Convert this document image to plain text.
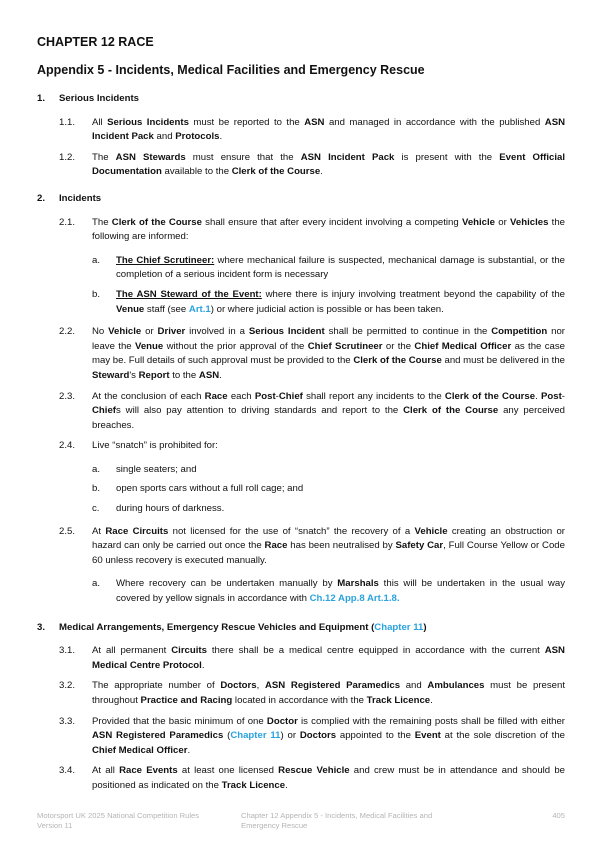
CHAPTER 12 RACE
Appendix 5 - Incidents, Medical Facilities and Emergency Rescue
1.	Serious Incidents
1.1.	All Serious Incidents must be reported to the ASN and managed in accordance with the published ASN Incident Pack and Protocols.
1.2.	The ASN Stewards must ensure that the ASN Incident Pack is present with the Event Official Documentation available to the Clerk of the Course.
2.	Incidents
2.1.	The Clerk of the Course shall ensure that after every incident involving a competing Vehicle or Vehicles the following are informed:
a.	The Chief Scrutineer: where mechanical failure is suspected, mechanical damage is substantial, or the completion of a serious incident form is necessary
b.	The ASN Steward of the Event: where there is injury involving treatment beyond the capability of the Venue staff (see Art.1) or where judicial action is possible or has been taken.
2.2.	No Vehicle or Driver involved in a Serious Incident shall be permitted to continue in the Competition nor leave the Venue without the prior approval of the Chief Scrutineer or the Chief Medical Officer as the case may be. Full details of such approval must be provided to the Clerk of the Course and must be delivered in the Steward's Report to the ASN.
2.3.	At the conclusion of each Race each Post-Chief shall report any incidents to the Clerk of the Course. Post-Chiefs will also pay attention to driving standards and report to the Clerk of the Course any perceived breaches.
2.4.	Live “snatch” is prohibited for:
a.	single seaters; and
b.	open sports cars without a full roll cage; and
c.	during hours of darkness.
2.5.	At Race Circuits not licensed for the use of “snatch” the recovery of a Vehicle creating an obstruction or hazard can only be carried out once the Race has been neutralised by Safety Car, Full Course Yellow or Code 60 unless recovery is executed manually.
a.	Where recovery can be undertaken manually by Marshals this will be undertaken in the usual way covered by yellow signals in accordance with Ch.12 App.8 Art.1.8.
3.	Medical Arrangements, Emergency Rescue Vehicles and Equipment (Chapter 11)
3.1.	At all permanent Circuits there shall be a medical centre equipped in accordance with the current ASN Medical Centre Protocol.
3.2.	The appropriate number of Doctors, ASN Registered Paramedics and Ambulances must be present throughout Practice and Racing located in accordance with the Track Licence.
3.3.	Provided that the basic minimum of one Doctor is complied with the remaining posts shall be filled with either ASN Registered Paramedics (Chapter 11) or Doctors appointed to the Event at the sole discretion of the Chief Medical Officer.
3.4.	At all Race Events at least one licensed Rescue Vehicle and crew must be in attendance and should be positioned as indicated on the Track Licence.
Motorsport UK 2025 National Competition Rules
Version 11
Chapter 12 Appendix 5 - Incidents, Medical Facilities and
Emergency Rescue
405
